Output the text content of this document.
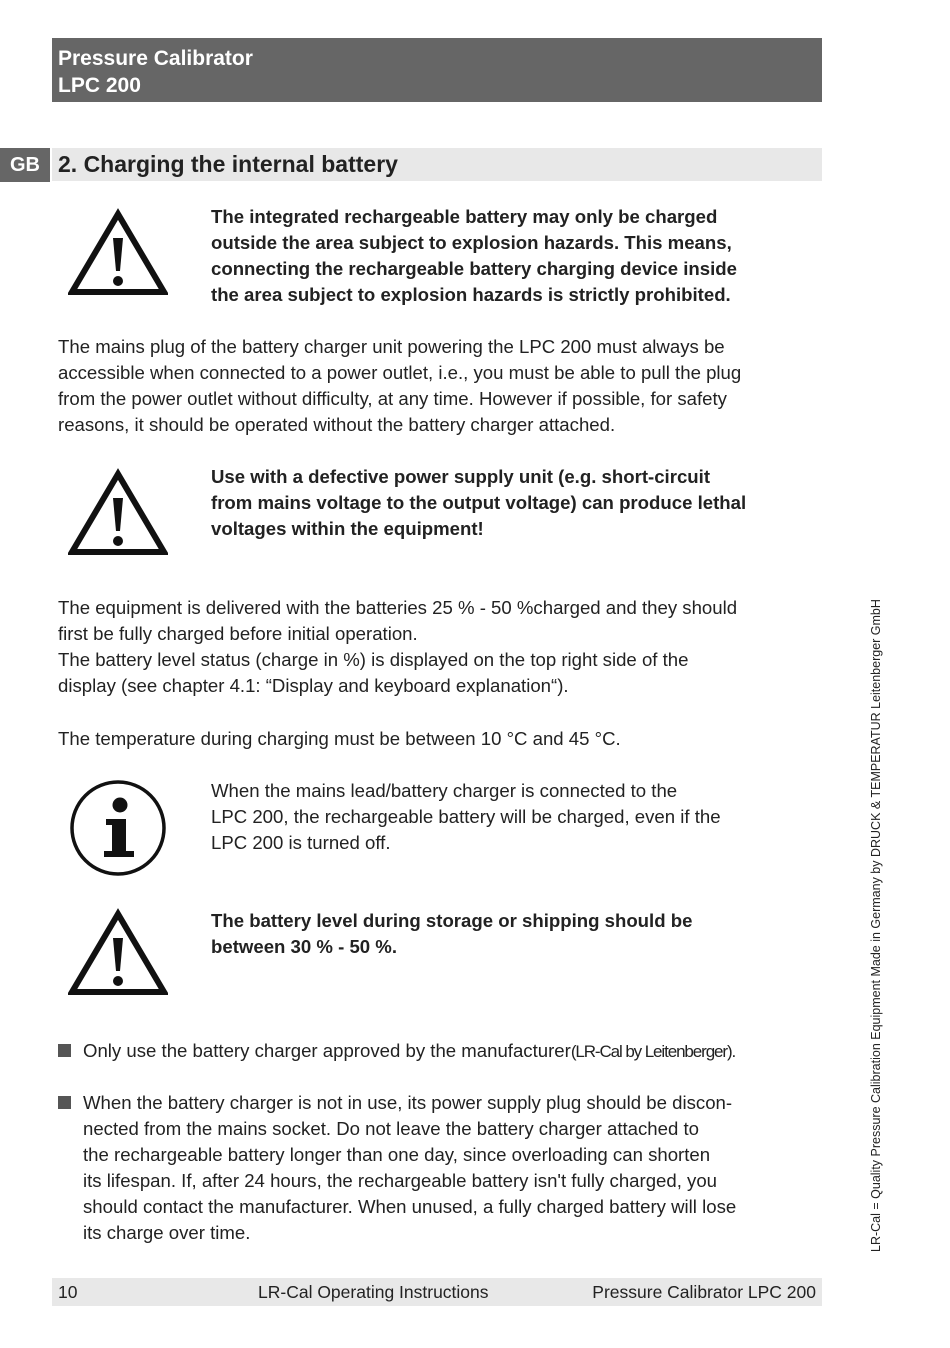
Pressure Calibrator
LPC 200
GB 2. Charging the internal battery
The integrated rechargeable battery may only be charged
outside the area subject to explosion hazards. This means,
connecting the rechargeable battery charging device inside
the area subject to explosion hazards is strictly prohibited.

The mains plug of the battery charger unit powering the LPC 200 must always be

accessible when connected to a power outlet, i.e., you must be able to pull the plug

from the power outlet without difficulty, at any time. However if possible, for safety

reasons, it should be operated without the battery charger attached.

Use with a defective power supply unit (e.g. short-circuit
from mains voltage to the output voltage) can produce lethal
voltages within the equipment!

The equipment is delivered with the batteries 25 % - 50 %charged and they should

first be fully charged before initial operation.

The battery level status (charge in %) is displayed on the top right side of the

display (see chapter 4.1: “Display and keyboard explanation“).

The temperature during charging must be between 10 °C and 45 °C.
When the mains lead/battery charger is connected to the
LPC 200, the rechargeable battery will be charged, even if the
LPC 200 is turned off.
The battery level during storage or shipping should be
between 30 % - 50 %.
Only use the battery charger approved by the manufacturer(LR-Cal by Leitenberger).
When the battery charger is not in use, its power supply plug should be discon-
nected from the mains socket. Do not leave the battery charger attached to
the rechargeable battery longer than one day, since overloading can shorten
its lifespan. If, after 24 hours, the rechargeable battery isn't fully charged, you
should contact the manufacturer. When unused, a fully charged battery will lose
its charge over time.	LR-Cal = Quality Pressure Calibration Equipment Made in Germany by DRUCK & TEMPERATUR Leitenberger GmbH
10	LR-Cal Operating Instructions	Pressure Calibrator LPC 200
